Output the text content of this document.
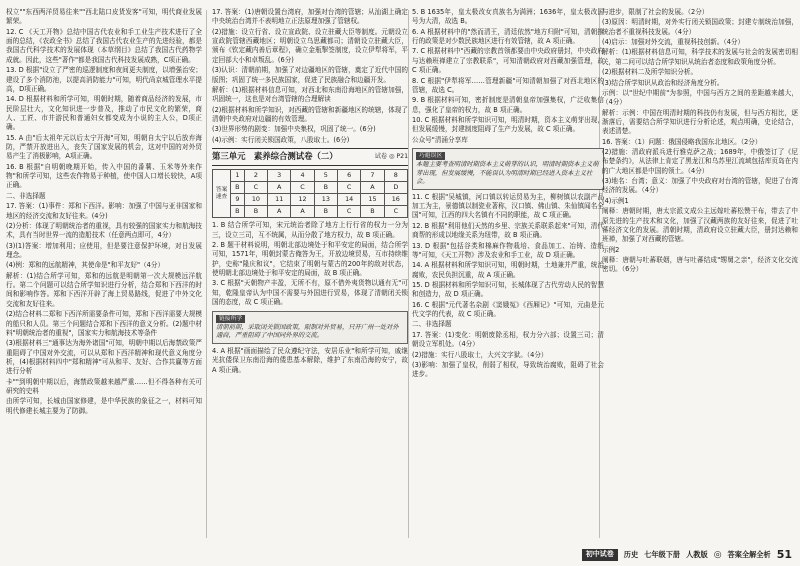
权立""东西两洋贸易往来""西北陆口皮货发客"可知，明代商业发展繁荣。

12. C 《天工开物》总结中国古代农业和手工业生产技术进行了全面的总结，《农政全书》总结了我国古代农业生产的先进经验，都是我国古代科学技术的发展体现（本草纲目》总结了我国古代药物学成就。因此，这些"著作"都是我国古代科技发展成熟，C项正确。

13. D 根据"设立了严密的巡逻制度和夜间更夫制度，以增强治安；建设了多个消防池，以提高消防能力"可知，明代尚京城管理水平提高，D项正确。

14. D 根据材料和所学可知，明朝时期，随着商品经济的发展，市民阶层壮大，文化知识进一步普及，推动了市民文化的繁荣，商人、工匠、市井游民和普通妇女都变成为小说的主人公，D项正确。

15. A 由"后太祖年元以后太宁开海"可知，明朝自太宁以后放弃海防，严禁开放进出入，丧失了国家发展的机会，这对中国的对外贸易产生了消极影响，A项正确。

16. B 根据"自明朝晚期开始，传入中国的番薯、玉米等外来作物"和所学可知，这些农作物易于种植，使中国人口增长较快，A项正确。

二、非选择题

17. 答案：(1)事件：郑和下西洋。影响：加强了中国与亚非国家和地区的经济交流和友好往来。(4分)

(2)分析：体现了明朝统治者的重视，具有较强的国家实力和航海技术，具有当时世界一流的造船技术（任意两点即可，4分）

(3)(1)答案：增加利用；应使用，但是要注意保护环境，对日发展理念。

(4)例：郑和的远航精神，其使命是"和平友好"（4分）

解析：(1)结合所学可知，郑和的远航是明朝第一次大规模远洋航行。第二个问题可以结合所学知识进行分析，结合郑和下西洋的时间和影响作答。郑和下西洋开辟了海上贸易路线，促进了中外文化交流和友好往来。

(2)结合材料二郑和下西洋所需要条件可知，郑和下西洋需要大规模的船只和人员。第三个问题结合郑和下西洋的意义分析。(2)题中材料"明朝统治者的重视"，国家实力和航海技术等条件

(3)根据材料三"通事达为海外诸国"可知，明朝中期以后海禁政策严重阻碍了中国对外交流，可以从郑和下西洋精神和现代意义角度分析，(4)根据材料四中"郑和精神"可从和平、友好、合作共赢等方面进行分析

卡""到明朝中期以后，海禁政策越来越严重……但不得各种有关可研究的史料

由所学可知，长城由国家修建，是中华民族的象征之一，材料可知明代修建长城主要为了防御。

17. 答案：(1)唐朝设置台湾府，加强对台湾的管辖；从汕湖上确定中央统治台湾并不表明地立正法原理加强了管辖权。

(2)措施：设立行省、设立宣政院、设立驻藏大臣等制度。元朝设立宣政院管辖西藏地区；明朝设立乌思藏都司；清朝设立驻藏大臣，颁布《钦定藏内善后章程》，确立金瓶掣签制度，设立伊犁将军，平定回部大小和卓叛乱。(6分)

(3)认识：清朝前期，加强了对边疆地区的管辖，奠定了近代中国的版图；巩固了统一多民族国家，促进了民族融合和边疆开发。

解析：(1)根据材料信息可知，对西北和东南沿海地区的管辖加强，巩固统一，这也是对台湾管辖的合理解读

(2)根据材料和所学知识，对西藏的管辖和新疆地区的统辖，体现了清朝中央政府对边疆的有效管理。

(3)世界形势的剧变：加强中央集权，巩固了统一。(6分)

(4)示例：实行闭关锁国政策，八股取士。(6分)

第三单元　素养综合测试卷（二）	试卷 ◎ P21
答案速查	1	2	3	4	5	6	7	8
	B	C	A	C	B	C	A	D
	9	10	11	12	13	14	15	16
	B	B	A	A	B	C	B	C

1. B 结合所学可知，宋元统治者除了地方上行行省的权力一分为三，设立三司，互不统属，从而分散了地方权力，故 B 项正确。

2. B 题干材料说明，明朝北部边境处于和平安定的局面，结合所学可知，1571年，明朝封蒙古俺答为王，开放边境贸易，互市持续维护，史称"隆庆和议"，它结束了明朝与蒙古的200年的敌对状态，使明朝北部边境处于和平安定的局面，故 B 项正确。

3. C 根据"天朝物产丰盈，无所不有，原不借外夷货物以通有无"可知，乾隆皇帝认为中国不需要与外国进行贸易，体现了清朝闭关锁国的态度，故 C 项正确。

链接所学
清朝前期，采取闭关锁国政策，限制对外贸易，只开广州一处对外通商，严重阻碍了中国同外界的交流。

4. A 根据"画面描绘了民众遵纪守法，安居乐业"和所学可知，戚继光抗倭保卫东南沿海的倭患基本解除，维护了东南沿海的安宁，故 A 项正确。

5. B 1635年，皇太极改女真族名为满洲；1636年，皇太极改国号为大清，故选 B。

6. A 根据材料中的"然而清王，清廷依然"地方归附"可知，清朝推行的政策是对少数民族地区进行有效管辖，故 A 项正确。

7. C 根据材料中"西藏的宗教首领都要由中央政府册封，中央政府与达赖班禅建立了宗教联系"，可知清朝政府对西藏加强管理，故 C 项正确。

8. C 根据"伊犁将军……管理新疆"可知清朝加强了对西北地区的管辖，故选 C。

9. B 根据材料可知，密折制度是清朝皇帝加强集权，广泛收集信息，强化了皇帝的权力，故 B 项正确。

10. C 根据材料和所学知识可知，明清时期，资本主义萌芽出现，但发展缓慢，封建制度阻碍了生产力发展，故 C 项正确。

公众号"清涌分享库

巧避误区
本题主要考查明清时期资本主义萌芽的认识，明清时期资本主义萌芽出现，但发展缓慢，不能误认为明清时期已经进入资本主义社会。

11. C 根据"吴城镇，河口镇以转运贸易为主，柳树镇以农副产品加工为主，景德镇以制瓷业著称，汉口镇、佛山镇、朱仙镇闻名全国"可知，江西的四大名镇有不同的职能，故 C 项正确。

12. B 根据"利用他们天然的乡里、宗族关系联系起来"可知，清代商帮的形成以地缘关系为纽带，故 B 项正确。

13. D 根据"包括谷类和棉麻作物栽培、食品加工、冶铸、造纸等"可知，《天工开物》涉及农业和手工业，故 D 项正确。

14. A 根据材料和所学知识可知，明朝时期，土地兼并严重，统治腐败，农民负担沉重，故 A 项正确。

15. D 根据材料和所学知识可知，长城体现了古代劳动人民的智慧和创造力，故 D 项正确。

16. C 根据"元代著名杂剧《窦娥冤》《西厢记》"可知，元曲是元代文学的代表，故 C 项正确。

二、非选择题

17. 答案：(1)变化：明朝废除丞相，权力分六部；设置三司；清朝设立军机处。（4分）

(2)措施：实行八股取士，大兴文字狱。（4分）

(3)影响：加强了皇权，削弱了相权，导致统治腐败，阻碍了社会进步。

与进步，限制了社会的发展。（2分）

(3)原因：明清时期，对外实行闭关锁国政策；封建专制统治加强，统治者不重视科技发展。（4分）

(4)启示：加强对外交流，重视科技创新。（4分）

解析：(1)根据材料信息可知，科学技术的发展与社会的发展密切相关，第二问可以结合所学知识从统治者态度和政策角度分析。

(2)根据材料二及所学知识分析。

(3)结合所学知识从政治和经济角度分析。

示例：以"世纪中期前"为参照，中国与西方之间的差距越来越大，（4分）

解析：示例：中国在明清时期的科技仍有发展，但与西方相比，逐渐落后，需要结合所学知识进行分析论述，观点明确，史论结合，表述清楚。

16. 答案：（1）问题：俄国侵略我国东北地区。（2分）

(2)措施：清政府派兵进行雅克萨之战；1689年，中俄签订了《尼布楚条约》，从法律上肯定了黑龙江和乌苏里江流域包括库页岛在内的广大地区都是中国的领土。（4分）

(3)地名：台湾；意义：加强了中央政府对台湾的管辖，促进了台湾经济的发展。（4分）

(4)示例1

阐释：唐朝时期，唐太宗派文成公主远嫁吐蕃松赞干布，带去了中原先进的生产技术和文化，加强了汉藏两族的友好往来，促进了吐蕃经济文化的发展。清朝时期，清政府设立驻藏大臣，册封达赖和班禅，加强了对西藏的管辖。

示例2

阐释：唐朝与吐蕃联姻，唐与吐蕃结成"甥舅之亲"，经济文化交流密切。（6分）

初中试卷	历史 七年级下册 人教版 ◎ 答案全解全析 51
